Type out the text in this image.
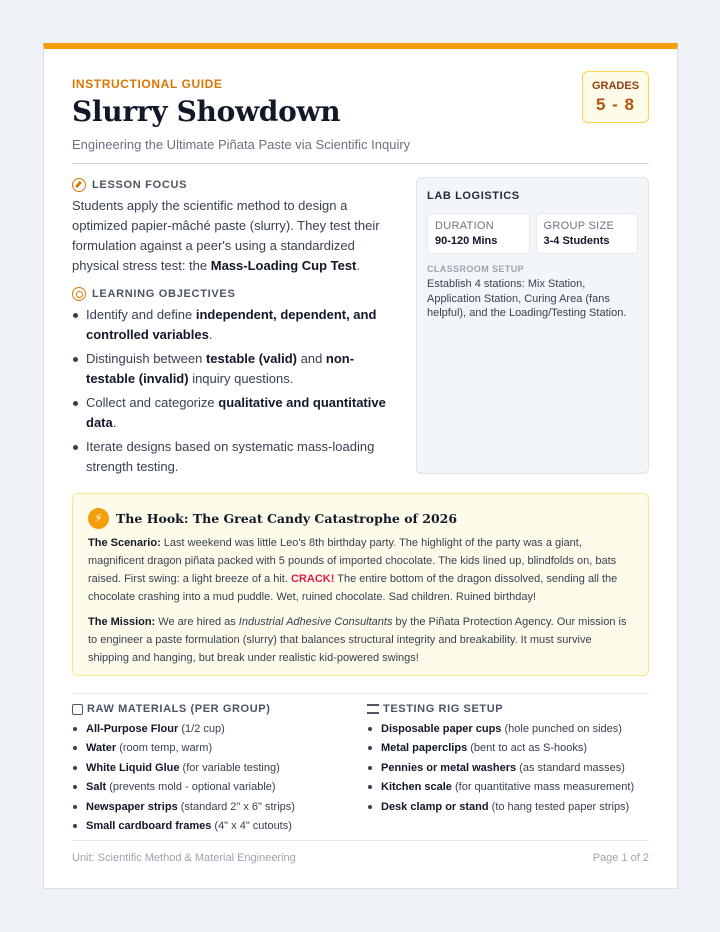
INSTRUCTIONAL GUIDE
Slurry Showdown
Engineering the Ultimate Piñata Paste via Scientific Inquiry
GRADES
5 - 8
LESSON FOCUS

Students apply the scientific method to design a optimized papier-mâché paste (slurry). They test their formulation against a peer's using a standardized physical stress test: the Mass-Loading Cup Test.

LEARNING OBJECTIVES
Identify and define independent, dependent, and controlled variables.
Distinguish between testable (valid) and non-testable (invalid) inquiry questions.
Collect and categorize qualitative and quantitative data.
Iterate designs based on systematic mass-loading strength testing.
LAB LOGISTICS
DURATION
90-120 Mins
GROUP SIZE
3-4 Students
CLASSROOM SETUP
Establish 4 stations: Mix Station, Application Station, Curing Area (fans helpful), and the Loading/Testing Station.
⚡	The Hook: The Great Candy Catastrophe of 2026

The Scenario: Last weekend was little Leo's 8th birthday party. The highlight of the party was a giant, magnificent dragon piñata packed with 5 pounds of imported chocolate. The kids lined up, blindfolds on, bats raised. First swing: a light breeze of a hit. CRACK! The entire bottom of the dragon dissolved, sending all the chocolate crashing into a mud puddle. Wet, ruined chocolate. Sad children. Ruined birthday!

The Mission: We are hired as Industrial Adhesive Consultants by the Piñata Protection Agency. Our mission is to engineer a paste formulation (slurry) that balances structural integrity and breakability. It must survive shipping and hanging, but break under realistic kid-powered swings!

RAW MATERIALS (PER GROUP)
All-Purpose Flour (1/2 cup)
Water (room temp, warm)
White Liquid Glue (for variable testing)
Salt (prevents mold - optional variable)
Newspaper strips (standard 2" x 6" strips)
Small cardboard frames (4" x 4" cutouts)
TESTING RIG SETUP
Disposable paper cups (hole punched on sides)
Metal paperclips (bent to act as S-hooks)
Pennies or metal washers (as standard masses)
Kitchen scale (for quantitative mass measurement)
Desk clamp or stand (to hang tested paper strips)
Unit: Scientific Method & Material Engineering	Page 1 of 2
